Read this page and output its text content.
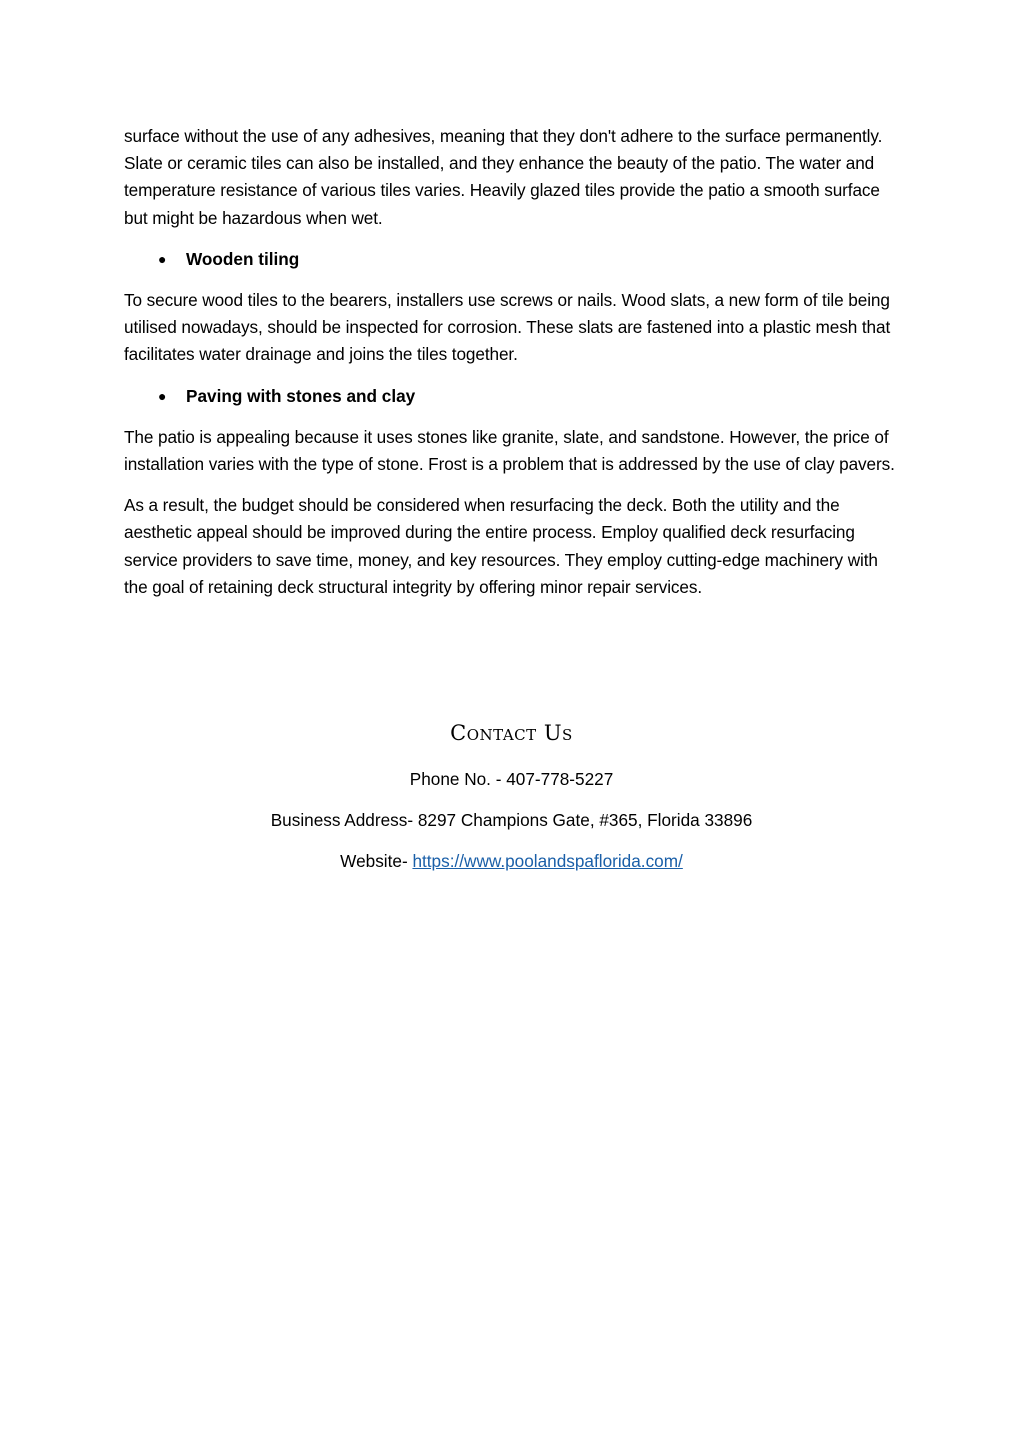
surface without the use of any adhesives, meaning that they don't adhere to the surface permanently. Slate or ceramic tiles can also be installed, and they enhance the beauty of the patio. The water and temperature resistance of various tiles varies. Heavily glazed tiles provide the patio a smooth surface but might be hazardous when wet.

●	Wooden tiling

To secure wood tiles to the bearers, installers use screws or nails. Wood slats, a new form of tile being utilised nowadays, should be inspected for corrosion. These slats are fastened into a plastic mesh that facilitates water drainage and joins the tiles together.

●	Paving with stones and clay

The patio is appealing because it uses stones like granite, slate, and sandstone. However, the price of installation varies with the type of stone. Frost is a problem that is addressed by the use of clay pavers.

As a result, the budget should be considered when resurfacing the deck. Both the utility and the aesthetic appeal should be improved during the entire process. Employ qualified deck resurfacing service providers to save time, money, and key resources. They employ cutting-edge machinery with the goal of retaining deck structural integrity by offering minor repair services.

Contact Us
Phone No. - 407-778-5227
Business Address- 8297 Champions Gate, #365, Florida 33896
Website- https://www.poolandspaflorida.com/
